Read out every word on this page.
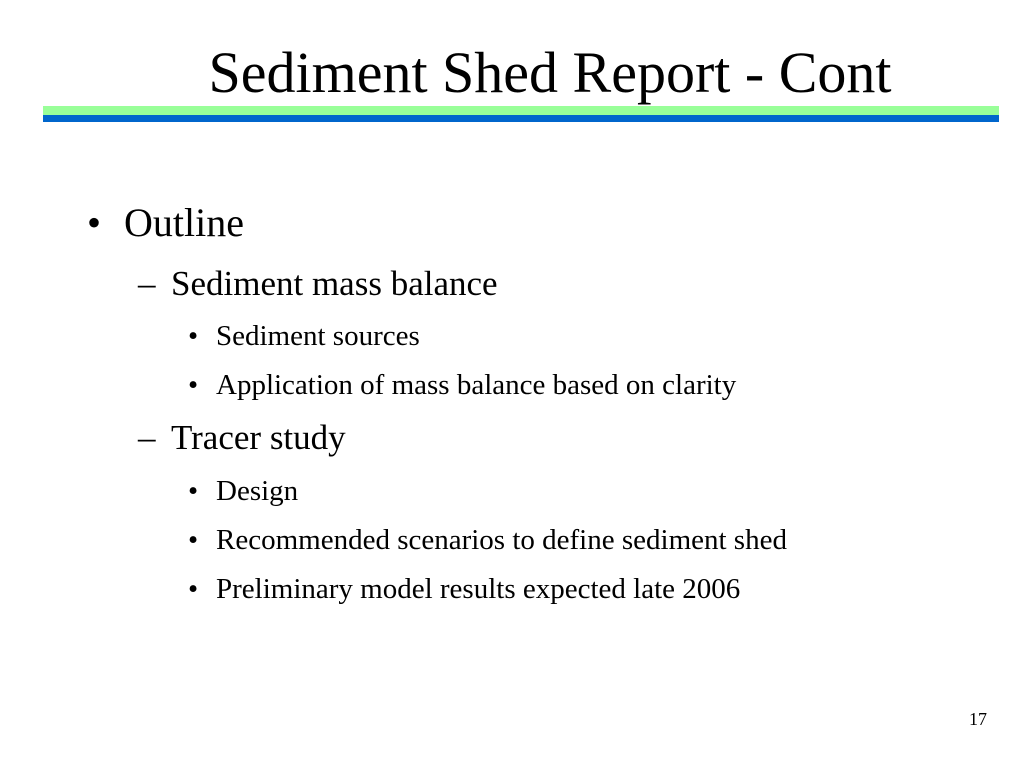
Sediment Shed Report - Cont
• Outline
– Sediment mass balance
• Sediment sources
• Application of mass balance based on clarity
– Tracer study
• Design
• Recommended scenarios to define sediment shed
• Preliminary model results expected late 2006
17
